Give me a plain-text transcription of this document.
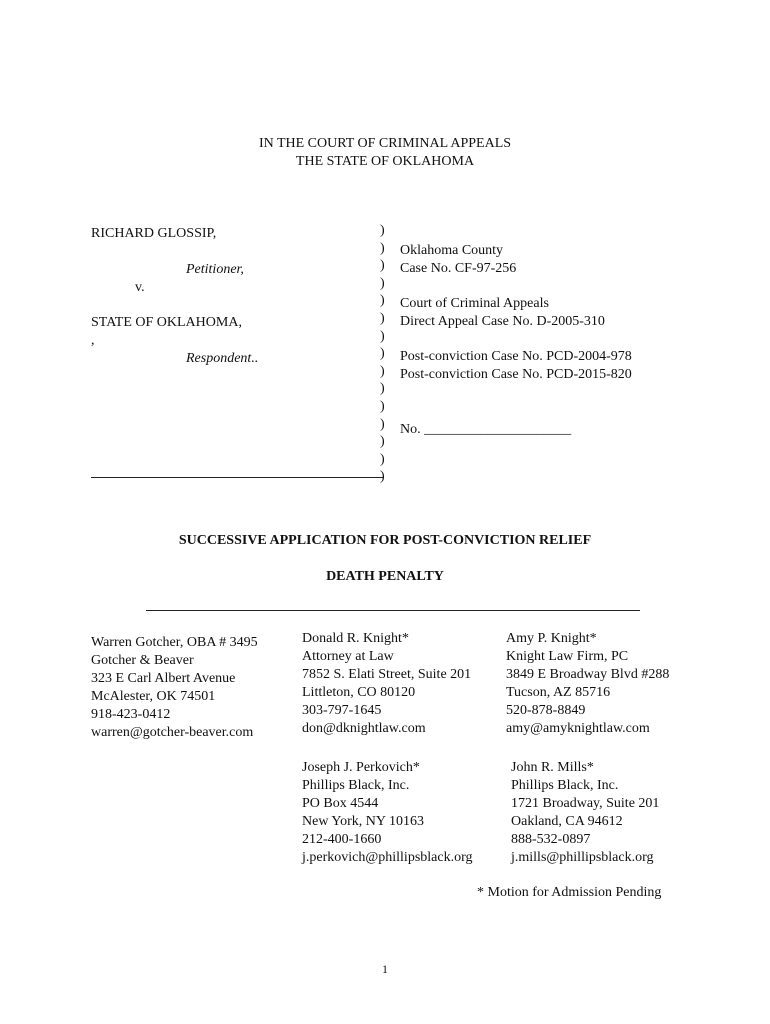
IN THE COURT OF CRIMINAL APPEALS
THE STATE OF OKLAHOMA
RICHARD GLOSSIP,
Petitioner,
v.
STATE OF OKLAHOMA,
,
Respondent..
)
)
)
)
)
)
)
)
)
)
)
)
)
)
)
Oklahoma County
Case No. CF-97-256
Court of Criminal Appeals
Direct Appeal Case No. D-2005-310
Post-conviction Case No. PCD-2004-978
Post-conviction Case No. PCD-2015-820
No. _____________________
SUCCESSIVE APPLICATION FOR POST-CONVICTION RELIEF
DEATH PENALTY
Warren Gotcher, OBA # 3495
Gotcher & Beaver
323 E Carl Albert Avenue
McAlester, OK 74501
918-423-0412
warren@gotcher-beaver.com
Donald R. Knight*
Attorney at Law
7852 S. Elati Street, Suite 201
Littleton, CO 80120
303-797-1645
don@dknightlaw.com
Amy P. Knight*
Knight Law Firm, PC
3849 E Broadway Blvd #288
Tucson, AZ 85716
520-878-8849
amy@amyknightlaw.com
Joseph J. Perkovich*
Phillips Black, Inc.
PO Box 4544
New York, NY 10163
212-400-1660
j.perkovich@phillipsblack.org
John R. Mills*
Phillips Black, Inc.
1721 Broadway, Suite 201
Oakland, CA 94612
888-532-0897
j.mills@phillipsblack.org
* Motion for Admission Pending
1
